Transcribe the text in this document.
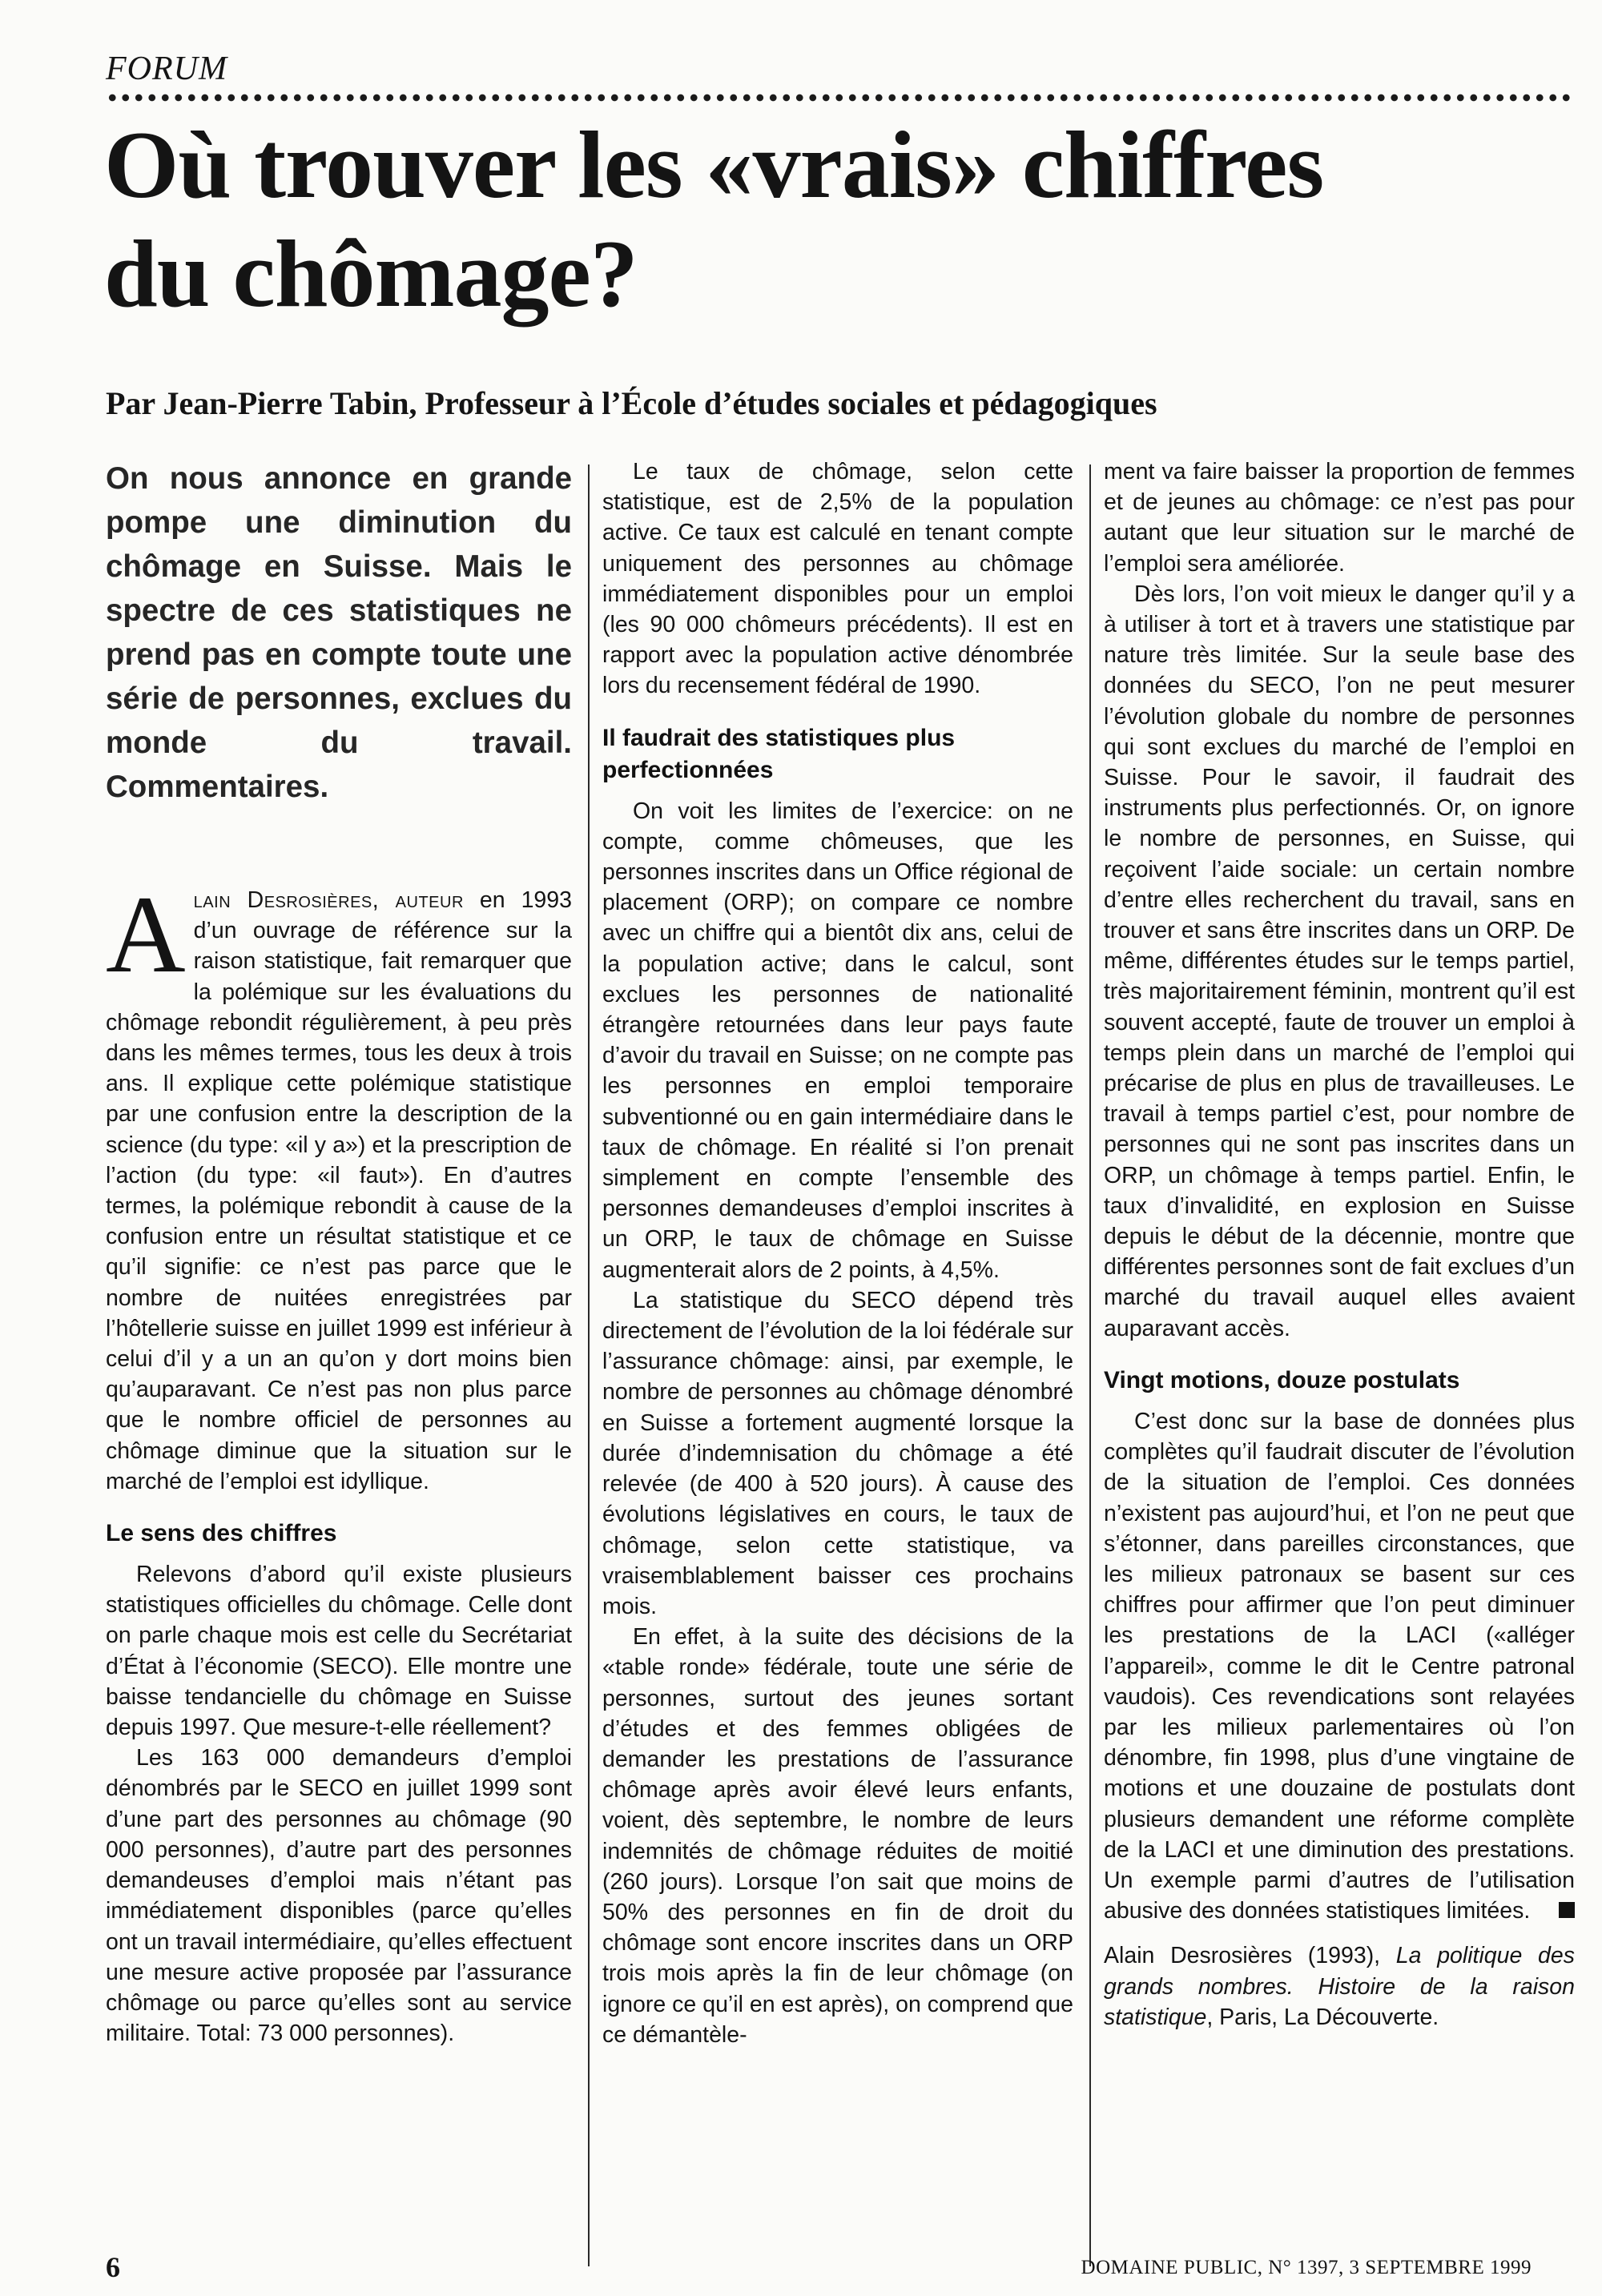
FORUM
Où trouver les «vrais» chiffres
du chômage?
Par Jean-Pierre Tabin, Professeur à l’École d’études sociales et pédagogiques

On nous annonce en grande pompe une diminution du chômage en Suisse. Mais le spectre de ces statistiques ne prend pas en compte toute une série de personnes, exclues du monde du travail. Commentaires.

Alain Desrosières, auteur en 1993 d’un ouvrage de référence sur la raison statistique, fait remarquer que la polémique sur les évaluations du chômage rebondit régulièrement, à peu près dans les mêmes termes, tous les deux à trois ans. Il explique cette polémique statistique par une confusion entre la description de la science (du type: «il y a») et la prescription de l’action (du type: «il faut»). En d’autres termes, la polémique rebondit à cause de la confusion entre un résultat statistique et ce qu’il signifie: ce n’est pas parce que le nombre de nuitées enregistrées par l’hôtellerie suisse en juillet 1999 est inférieur à celui d’il y a un an qu’on y dort moins bien qu’auparavant. Ce n’est pas non plus parce que le nombre officiel de personnes au chômage diminue que la situation sur le marché de l’emploi est idyllique.

Le sens des chiffres

Relevons d’abord qu’il existe plusieurs statistiques officielles du chômage. Celle dont on parle chaque mois est celle du Secrétariat d’État à l’économie (SECO). Elle montre une baisse tendancielle du chômage en Suisse depuis 1997. Que mesure-t-elle réellement?

Les 163 000 demandeurs d’emploi dénombrés par le SECO en juillet 1999 sont d’une part des personnes au chômage (90 000 personnes), d’autre part des personnes demandeuses d’emploi mais n’étant pas immédiatement disponibles (parce qu’elles ont un travail intermédiaire, qu’elles effectuent une mesure active proposée par l’assurance chômage ou parce qu’elles sont au service militaire. Total: 73 000 personnes).

Le taux de chômage, selon cette statistique, est de 2,5% de la population active. Ce taux est calculé en tenant compte uniquement des personnes au chômage immédiatement disponibles pour un emploi (les 90 000 chômeurs précédents). Il est en rapport avec la population active dénombrée lors du recensement fédéral de 1990.

Il faudrait des statistiques plus perfectionnées

On voit les limites de l’exercice: on ne compte, comme chômeuses, que les personnes inscrites dans un Office régional de placement (ORP); on compare ce nombre avec un chiffre qui a bientôt dix ans, celui de la population active; dans le calcul, sont exclues les personnes de nationalité étrangère retournées dans leur pays faute d’avoir du travail en Suisse; on ne compte pas les personnes en emploi temporaire subventionné ou en gain intermédiaire dans le taux de chômage. En réalité si l’on prenait simplement en compte l’ensemble des personnes demandeuses d’emploi inscrites à un ORP, le taux de chômage en Suisse augmenterait alors de 2 points, à 4,5%.

La statistique du SECO dépend très directement de l’évolution de la loi fédérale sur l’assurance chômage: ainsi, par exemple, le nombre de personnes au chômage dénombré en Suisse a fortement augmenté lorsque la durée d’indemnisation du chômage a été relevée (de 400 à 520 jours). À cause des évolutions législatives en cours, le taux de chômage, selon cette statistique, va vraisemblablement baisser ces prochains mois.

En effet, à la suite des décisions de la «table ronde» fédérale, toute une série de personnes, surtout des jeunes sortant d’études et des femmes obligées de demander les prestations de l’assurance chômage après avoir élevé leurs enfants, voient, dès septembre, le nombre de leurs indemnités de chômage réduites de moitié (260 jours). Lorsque l’on sait que moins de 50% des personnes en fin de droit du chômage sont encore inscrites dans un ORP trois mois après la fin de leur chômage (on ignore ce qu’il en est après), on comprend que ce démantèle-

ment va faire baisser la proportion de femmes et de jeunes au chômage: ce n’est pas pour autant que leur situation sur le marché de l’emploi sera améliorée.

Dès lors, l’on voit mieux le danger qu’il y a à utiliser à tort et à travers une statistique par nature très limitée. Sur la seule base des données du SECO, l’on ne peut mesurer l’évolution globale du nombre de personnes qui sont exclues du marché de l’emploi en Suisse. Pour le savoir, il faudrait des instruments plus perfectionnés. Or, on ignore le nombre de personnes, en Suisse, qui reçoivent l’aide sociale: un certain nombre d’entre elles recherchent du travail, sans en trouver et sans être inscrites dans un ORP. De même, différentes études sur le temps partiel, très majoritairement féminin, montrent qu’il est souvent accepté, faute de trouver un emploi à temps plein dans un marché de l’emploi qui précarise de plus en plus de travailleuses. Le travail à temps partiel c’est, pour nombre de personnes qui ne sont pas inscrites dans un ORP, un chômage à temps partiel. Enfin, le taux d’invalidité, en explosion en Suisse depuis le début de la décennie, montre que différentes personnes sont de fait exclues d’un marché du travail auquel elles avaient auparavant accès.

Vingt motions, douze postulats

C’est donc sur la base de données plus complètes qu’il faudrait discuter de l’évolution de la situation de l’emploi. Ces données n’existent pas aujourd’hui, et l’on ne peut que s’étonner, dans pareilles circonstances, que les milieux patronaux se basent sur ces chiffres pour affirmer que l’on peut diminuer les prestations de la LACI («alléger l’appareil», comme le dit le Centre patronal vaudois). Ces revendications sont relayées par les milieux parlementaires où l’on dénombre, fin 1998, plus d’une vingtaine de motions et une douzaine de postulats dont plusieurs demandent une réforme complète de la LACI et une diminution des prestations. Un exemple parmi d’autres de l’utilisation abusive des données statistiques limitées.

Alain Desrosières (1993), La politique des grands nombres. Histoire de la raison statistique, Paris, La Découverte.

6	DOMAINE PUBLIC, N° 1397, 3 SEPTEMBRE 1999
